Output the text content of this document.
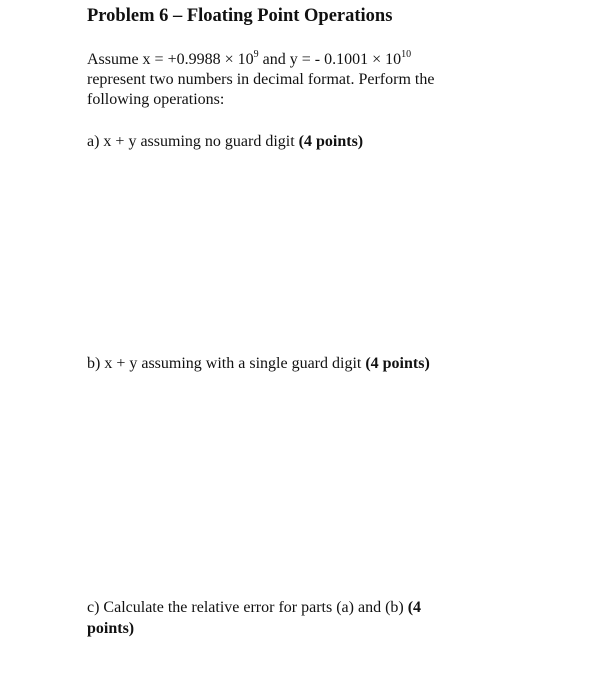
Problem 6 – Floating Point Operations

Assume $x = +0.9988 \times 10^9$ and y = - $0.1001 \times 10^{10}$
represent two numbers in decimal format. Perform the
following operations:

a) x + y assuming no guard digit (4 points)

b) x + y assuming with a single guard digit (4 points)

c) Calculate the relative error for parts (a) and (b) (4
points)
